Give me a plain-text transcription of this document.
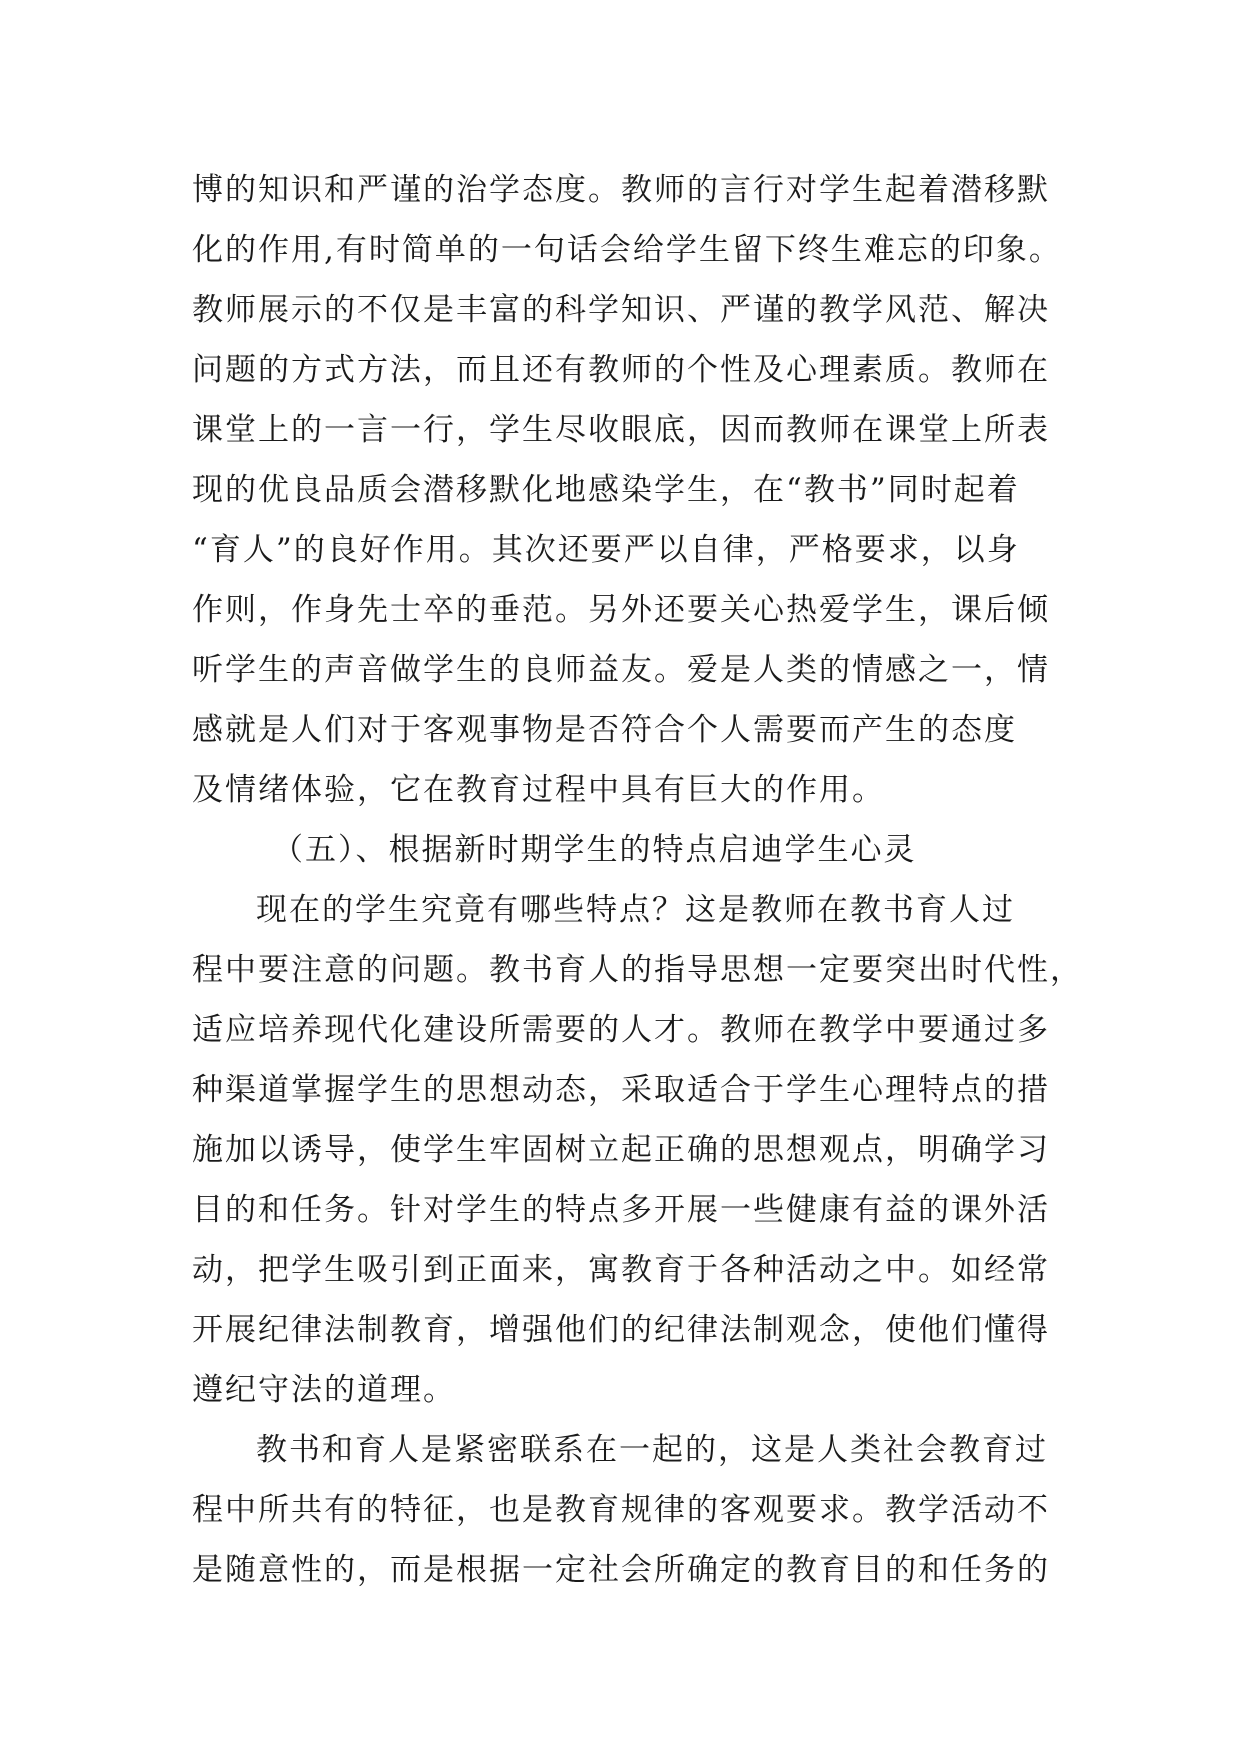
博的知识和严谨的治学态度。教师的言行对学生起着潜移默
化的作用,有时简单的一句话会给学生留下终生难忘的印象。
教师展示的不仅是丰富的科学知识、严谨的教学风范、解决
问题的方式方法，而且还有教师的个性及心理素质。教师在
课堂上的一言一行，学生尽收眼底，因而教师在课堂上所表
现的优良品质会潜移默化地感染学生，在“教书”同时起着
“育人”的良好作用。其次还要严以自律，严格要求，以身
作则，作身先士卒的垂范。另外还要关心热爱学生，课后倾
听学生的声音做学生的良师益友。爱是人类的情感之一，情
感就是人们对于客观事物是否符合个人需要而产生的态度
及情绪体验，它在教育过程中具有巨大的作用。
（五）、根据新时期学生的特点启迪学生心灵
现在的学生究竟有哪些特点？这是教师在教书育人过
程中要注意的问题。教书育人的指导思想一定要突出时代性，
适应培养现代化建设所需要的人才。教师在教学中要通过多
种渠道掌握学生的思想动态，采取适合于学生心理特点的措
施加以诱导，使学生牢固树立起正确的思想观点，明确学习
目的和任务。针对学生的特点多开展一些健康有益的课外活
动，把学生吸引到正面来，寓教育于各种活动之中。如经常
开展纪律法制教育，增强他们的纪律法制观念，使他们懂得
遵纪守法的道理。
教书和育人是紧密联系在一起的，这是人类社会教育过
程中所共有的特征，也是教育规律的客观要求。教学活动不
是随意性的，而是根据一定社会所确定的教育目的和任务的
